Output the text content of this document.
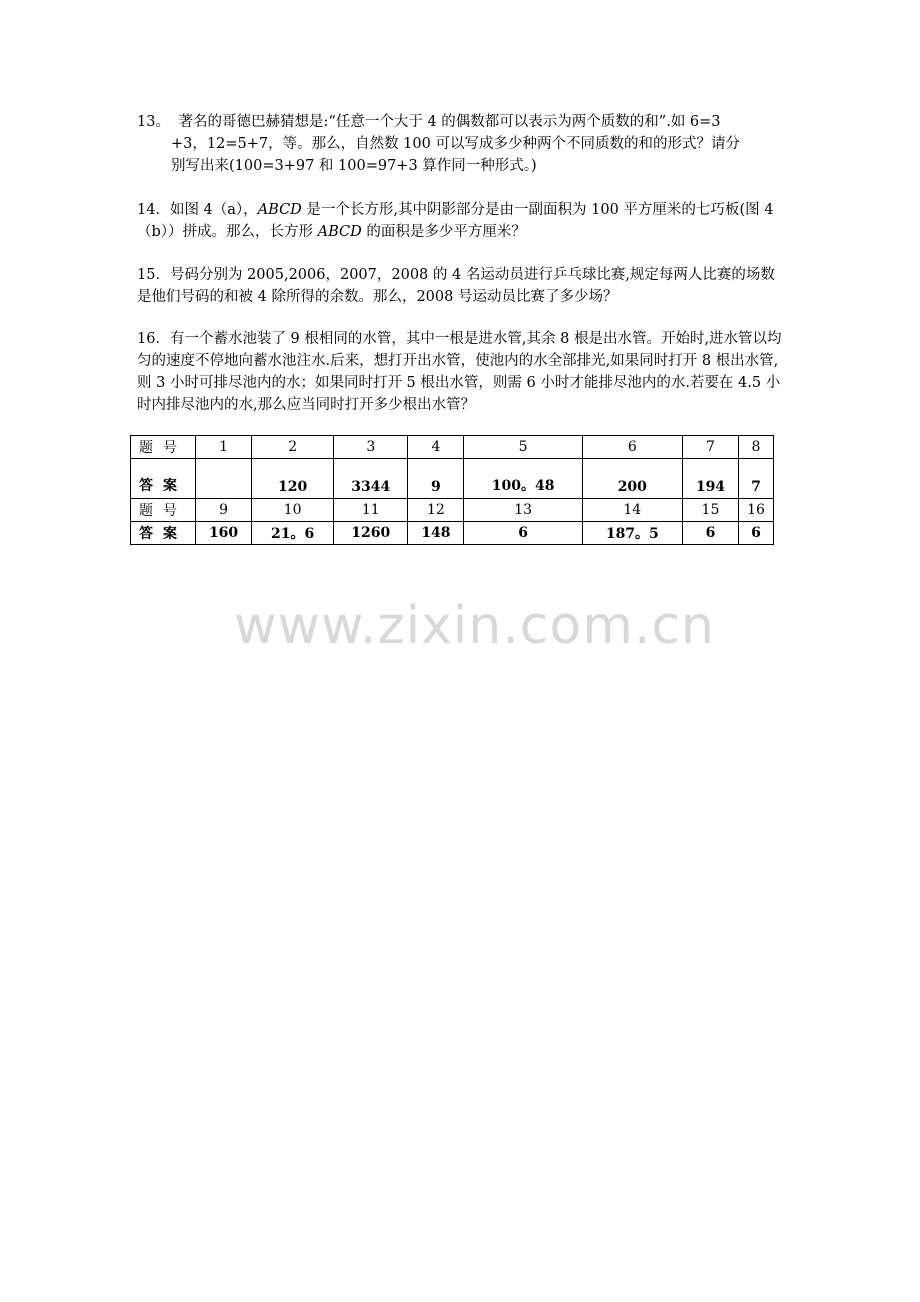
13。 著名的哥德巴赫猜想是:“任意一个大于 4 的偶数都可以表示为两个质数的和”.如 6=3

+3，12=5+7，等。那么，自然数 100 可以写成多少种两个不同质数的和的形式？请分

别写出来(100=3+97 和 100=97+3 算作同一种形式。)

14．如图 4（a），ABCD 是一个长方形,其中阴影部分是由一副面积为 100 平方厘米的七巧板(图 4（b））拼成。那么，长方形 ABCD 的面积是多少平方厘米？

15．号码分别为 2005,2006，2007，2008 的 4 名运动员进行乒乓球比赛,规定每两人比赛的场数是他们号码的和被 4 除所得的余数。那么，2008 号运动员比赛了多少场？

16．有一个蓄水池装了 9 根相同的水管，其中一根是进水管,其余 8 根是出水管。开始时,进水管以均匀的速度不停地向蓄水池注水.后来，想打开出水管，使池内的水全部排光,如果同时打开 8 根出水管,则 3 小时可排尽池内的水；如果同时打开 5 根出水管，则需 6 小时才能排尽池内的水.若要在 4.5 小时内排尽池内的水,那么应当同时打开多少根出水管？

题号	1	2	3	4	5	6	7	8
答案		120	3344	9	100。48	200	194	7
题号	9	10	11	12	13	14	15	16
答案	160	21。6	1260	148	6	187。5	6	6
www.zixin.com.cn
